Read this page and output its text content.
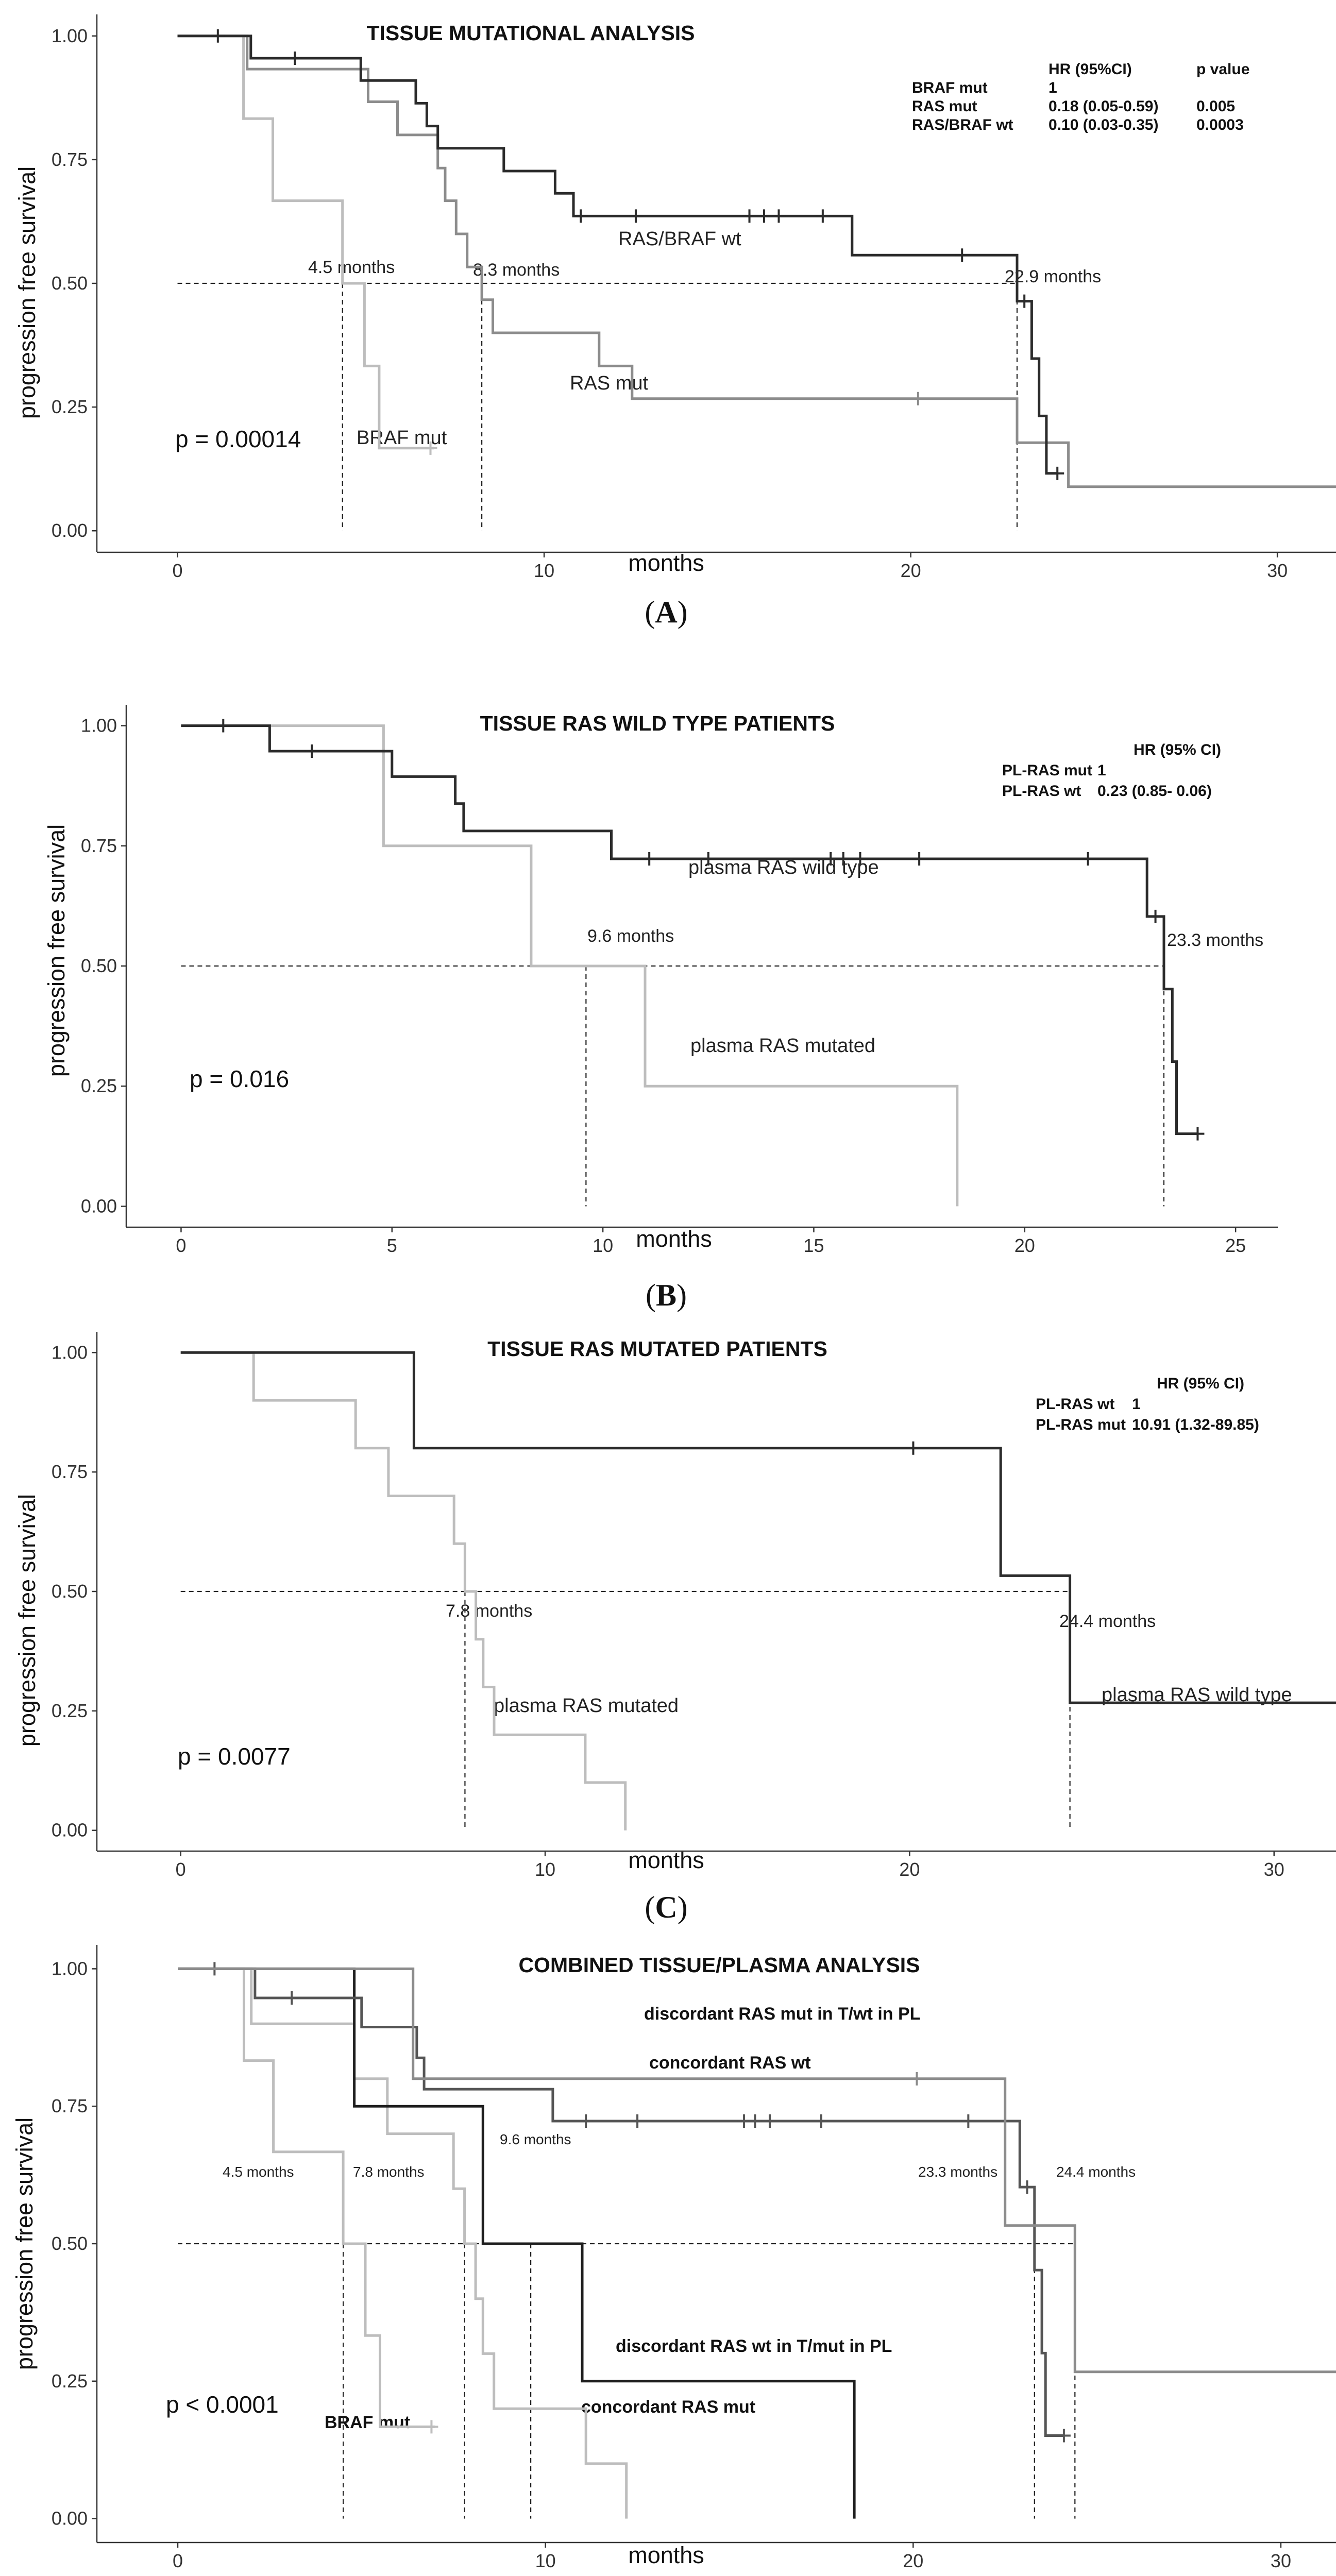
TISSUE MUTATIONAL ANALYSIS
months
progression free survival
p = 0.00014
HR (95%CI)	p value
BRAF mut	1
RAS mut	0.18 (0.05-0.59) 0.005
RAS/BRAF wt 0.10 (0.03-0.35) 0.0003
RAS/BRAF wt
RAS mut
BRAF mut
4.5 months	8.3 months	22.9 months
(A)
0.00
0.25
0.50
0.75
1.00
0	10	20	30
TISSUE RAS WILD TYPE PATIENTS
months
progression free survival
p = 0.016
HR (95% CI)
PL-RAS mut 1
PL-RAS wt 0.23 (0.85- 0.06)
plasma RAS wild type
plasma RAS mutated
9.6 months	23.3 months
(B)
0.00
0.25
0.50
0.75
1.00
0	5	10	15	20	25
TISSUE RAS MUTATED PATIENTS
months
progression free survival
p = 0.0077
HR (95% CI)
PL-RAS wt 1
PL-RAS mut 10.91 (1.32-89.85)
plasma RAS wild type
plasma RAS mutated
7.8 months
24.4 months
(C)
0.00
0.25
0.50
0.75
1.00
0	10	20	30
COMBINED TISSUE/PLASMA ANALYSIS
months
progression free survival
p < 0.0001
discordant RAS mut in T/wt in PL
concordant RAS wt
discordant RAS wt in T/mut in PL
concordant RAS mut
BRAF mut
4.5 months	7.8 months
9.6 months
23.3 months	24.4 months
0.00
0.25
0.50
0.75
1.00
0	10	20	30
